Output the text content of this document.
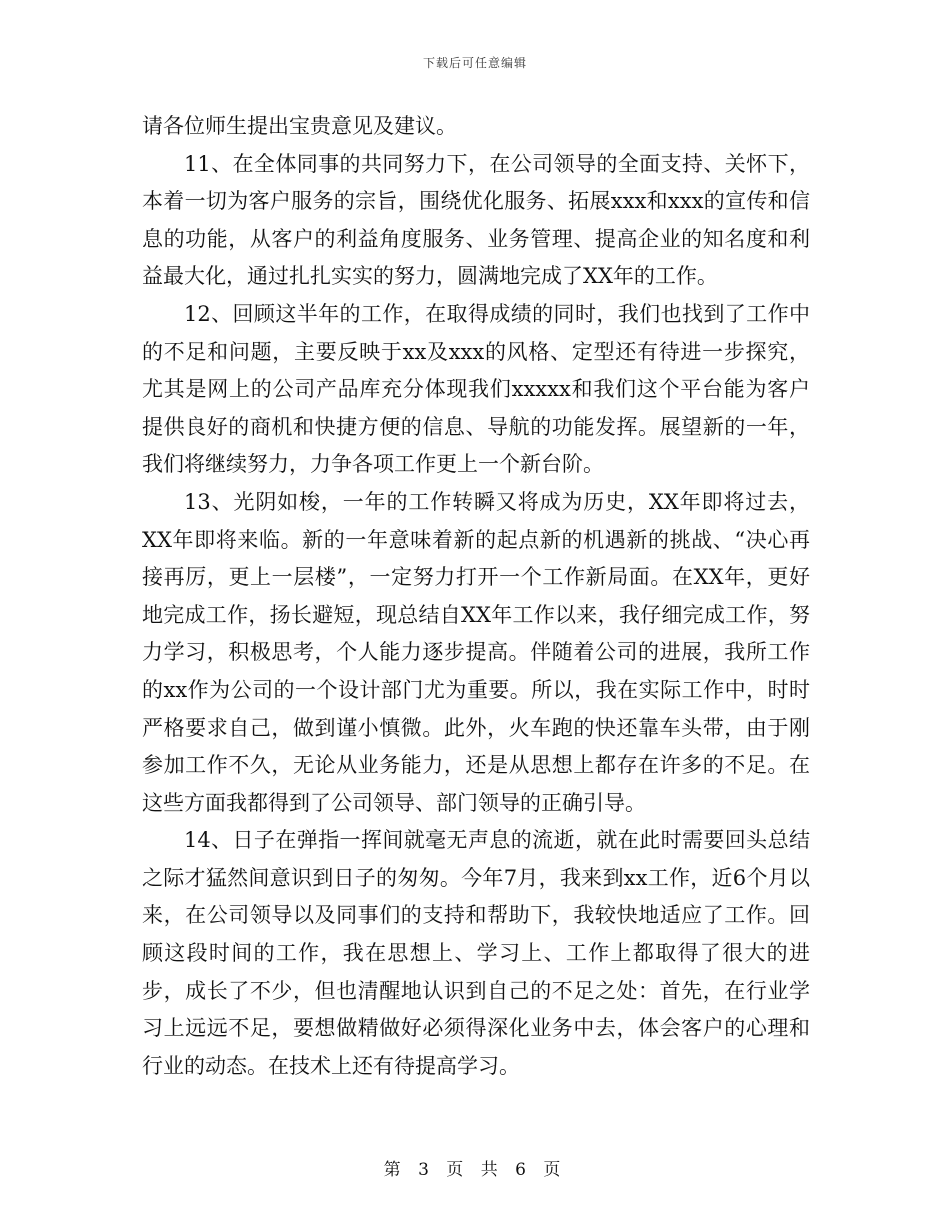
下载后可任意编辑

请各位师生提出宝贵意见及建议。

11、在全体同事的共同努力下，在公司领导的全面支持、关怀下，本着一切为客户服务的宗旨，围绕优化服务、拓展xxx和xxx的宣传和信息的功能，从客户的利益角度服务、业务管理、提高企业的知名度和利益最大化，通过扎扎实实的努力，圆满地完成了XX年的工作。

12、回顾这半年的工作，在取得成绩的同时，我们也找到了工作中的不足和问题，主要反映于xx及xxx的风格、定型还有待进一步探究，尤其是网上的公司产品库充分体现我们xxxxx和我们这个平台能为客户提供良好的商机和快捷方便的信息、导航的功能发挥。展望新的一年，我们将继续努力，力争各项工作更上一个新台阶。

13、光阴如梭，一年的工作转瞬又将成为历史，XX年即将过去，XX年即将来临。新的一年意味着新的起点新的机遇新的挑战、“决心再接再厉，更上一层楼”，一定努力打开一个工作新局面。在XX年，更好地完成工作，扬长避短，现总结自XX年工作以来，我仔细完成工作，努力学习，积极思考，个人能力逐步提高。伴随着公司的进展，我所工作的xx作为公司的一个设计部门尤为重要。所以，我在实际工作中，时时严格要求自己，做到谨小慎微。此外，火车跑的快还靠车头带，由于刚参加工作不久，无论从业务能力，还是从思想上都存在许多的不足。在这些方面我都得到了公司领导、部门领导的正确引导。

14、日子在弹指一挥间就毫无声息的流逝，就在此时需要回头总结之际才猛然间意识到日子的匆匆。今年7月，我来到xx工作，近6个月以来，在公司领导以及同事们的支持和帮助下，我较快地适应了工作。回顾这段时间的工作，我在思想上、学习上、工作上都取得了很大的进步，成长了不少，但也清醒地认识到自己的不足之处：首先，在行业学习上远远不足，要想做精做好必须得深化业务中去，体会客户的心理和行业的动态。在技术上还有待提高学习。

第 3 页 共 6 页
